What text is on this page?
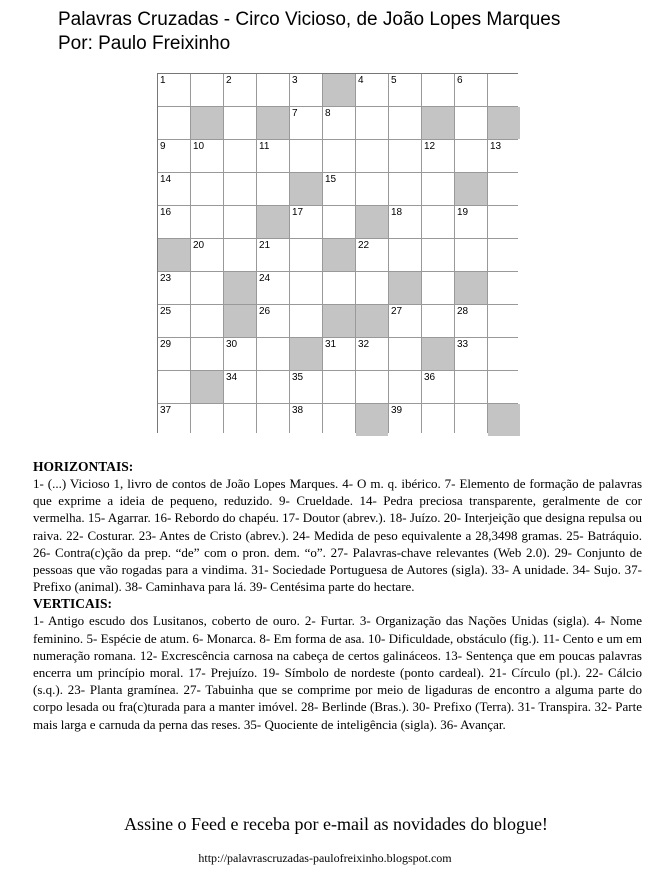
Palavras Cruzadas - Circo Vicioso, de João Lopes Marques
Por: Paulo Freixinho
1	2	3	4	5	6
7	8
9	10	11	12	13
14	15
16	17	18	19
20	21	22
23	24
25	26	27	28
29	30	31 32	33
34	35	36
37	38	39
HORIZONTAIS:

1- (...) Vicioso 1, livro de contos de João Lopes Marques. 4- O m. q. ibérico. 7- Elemento de formação de palavras que exprime a ideia de pequeno, reduzido. 9- Crueldade. 14- Pedra preciosa transparente, geralmente de cor vermelha. 15- Agarrar. 16- Rebordo do chapéu. 17- Doutor (abrev.). 18- Juízo. 20- Interjeição que designa repulsa ou raiva. 22- Costurar. 23- Antes de Cristo (abrev.). 24- Medida de peso equivalente a 28,3498 gramas. 25- Batráquio. 26- Contra(c)ção da prep. “de” com o pron. dem. “o”. 27- Palavras-chave relevantes (Web 2.0). 29- Conjunto de pessoas que vão rogadas para a vindima. 31- Sociedade Portuguesa de Autores (sigla). 33- A unidade. 34- Sujo. 37- Prefixo (animal). 38- Caminhava para lá. 39- Centésima parte do hectare.

VERTICAIS:

1- Antigo escudo dos Lusitanos, coberto de ouro. 2- Furtar. 3- Organização das Nações Unidas (sigla). 4- Nome feminino. 5- Espécie de atum. 6- Monarca. 8- Em forma de asa. 10- Dificuldade, obstáculo (fig.). 11- Cento e um em numeração romana. 12- Excrescência carnosa na cabeça de certos galináceos. 13- Sentença que em poucas palavras encerra um princípio moral. 17- Prejuízo. 19- Símbolo de nordeste (ponto cardeal). 21- Círculo (pl.). 22- Cálcio (s.q.). 23- Planta gramínea. 27- Tabuinha que se comprime por meio de ligaduras de encontro a alguma parte do corpo lesada ou fra(c)turada para a manter imóvel. 28- Berlinde (Bras.). 30- Prefixo (Terra). 31- Transpira. 32- Parte mais larga e carnuda da perna das reses. 35- Quociente de inteligência (sigla). 36- Avançar.

Assine o Feed e receba por e-mail as novidades do blogue!
http://palavrascruzadas-paulofreixinho.blogspot.com
